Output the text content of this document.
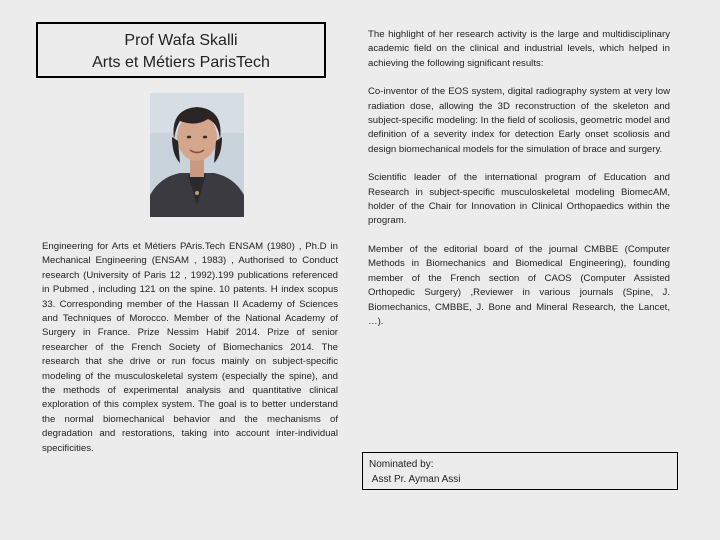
Prof Wafa Skalli
Arts et Métiers ParisTech
Engineering for Arts et Métiers PAris.Tech ENSAM (1980) , Ph.D in Mechanical Engineering (ENSAM , 1983) , Authorised to Conduct research (University of Paris 12 , 1992).199 publications referenced in Pubmed , including 121 on the spine. 10 patents. H index scopus 33. Corresponding member of the Hassan II Academy of Sciences and Techniques of Morocco. Member of the National Academy of Surgery in France. Prize Nessim Habif 2014. Prize of senior researcher of the French Society of Biomechanics 2014. The research that she drive or run focus mainly on subject-specific modeling of the musculoskeletal system (especially the spine), and the methods of experimental analysis and quantitative clinical exploration of this complex system. The goal is to better understand the normal biomechanical behavior and the mechanisms of degradation and restorations, taking into account inter-individual specificities.

The highlight of her research activity is the large and multidisciplinary academic field on the clinical and industrial levels, which helped in achieving the following significant results:

Co-inventor of the EOS system, digital radiography system at very low radiation dose, allowing the 3D reconstruction of the skeleton and subject-specific modeling: In the field of scoliosis, geometric model and definition of a severity index for detection Early onset scoliosis and design biomechanical models for the simulation of brace and surgery.

Scientific leader of the international program of Education and Research in subject-specific musculoskeletal modeling BiomecAM, holder of the Chair for Innovation in Clinical Orthopaedics within the program.

Member of the editorial board of the journal CMBBE (Computer Methods in Biomechanics and Biomedical Engineering), founding member of the French section of CAOS (Computer Assisted Orthopedic Surgery) ,Reviewer in various journals (Spine, J. Biomechanics, CMBBE, J. Bone and Mineral Research, the Lancet, …).

Nominated by:
Asst Pr. Ayman Assi
